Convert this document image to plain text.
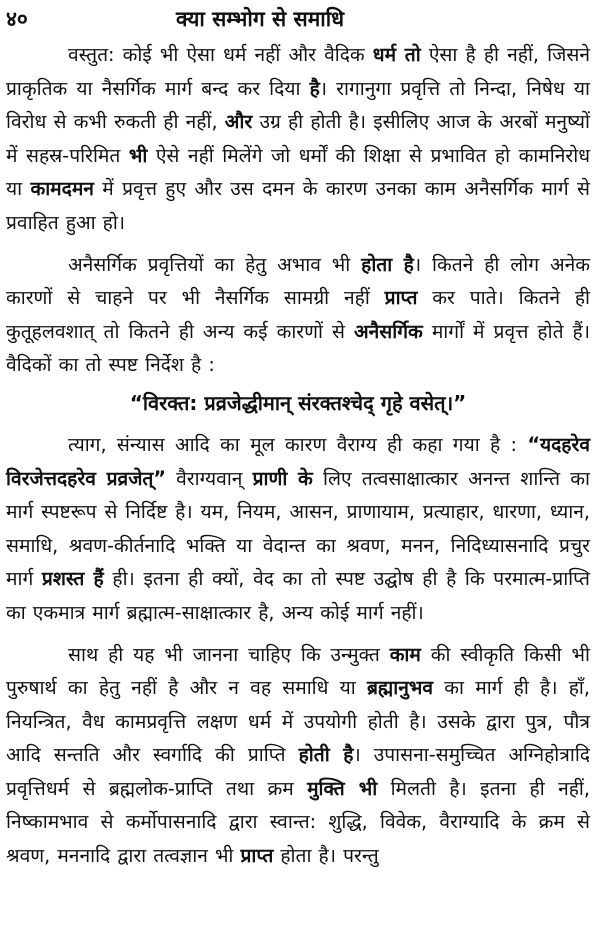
४०	क्या सम्भोग से समाधि

वस्तुत: कोई भी ऐसा धर्म नहीं और वैदिक धर्म तो ऐसा है ही नहीं, जिसने प्राकृतिक या नैसर्गिक मार्ग बन्द कर दिया है। रागानुगा प्रवृत्ति तो निन्दा, निषेध या विरोध से कभी रुकती ही नहीं, और उग्र ही होती है। इसीलिए आज के अरबों मनुष्यों में सहस्र-परिमित भी ऐसे नहीं मिलेंगे जो धर्मों की शिक्षा से प्रभावित हो कामनिरोध या कामदमन में प्रवृत्त हुए और उस दमन के कारण उनका काम अनैसर्गिक मार्ग से प्रवाहित हुआ हो।

अनैसर्गिक प्रवृत्तियों का हेतु अभाव भी होता है। कितने ही लोग अनेक कारणों से चाहने पर भी नैसर्गिक सामग्री नहीं प्राप्त कर पाते। कितने ही कुतूहलवशात् तो कितने ही अन्य कई कारणों से अनैसर्गिक मार्गों में प्रवृत्त होते हैं। वैदिकों का तो स्पष्ट निर्देश है :

“विरक्त: प्रव्रजेद्धीमान् संरक्तश्चेद् गृहे वसेत्।”

त्याग, संन्यास आदि का मूल कारण वैराग्य ही कहा गया है : “यदहरेव विरजेत्तदहरेव प्रव्रजेत्” वैराग्यवान् प्राणी के लिए तत्वसाक्षात्कार अनन्त शान्ति का मार्ग स्पष्टरूप से निर्दिष्ट है। यम, नियम, आसन, प्राणायाम, प्रत्याहार, धारणा, ध्यान, समाधि, श्रवण-कीर्तनादि भक्ति या वेदान्त का श्रवण, मनन, निदिध्यासनादि प्रचुर मार्ग प्रशस्त हैं ही। इतना ही क्यों, वेद का तो स्पष्ट उद्घोष ही है कि परमात्म-प्राप्ति का एकमात्र मार्ग ब्रह्मात्म-साक्षात्कार है, अन्य कोई मार्ग नहीं।

साथ ही यह भी जानना चाहिए कि उन्मुक्त काम की स्वीकृति किसी भी पुरुषार्थ का हेतु नहीं है और न वह समाधि या ब्रह्मानुभव का मार्ग ही है। हाँ, नियन्त्रित, वैध कामप्रवृत्ति लक्षण धर्म में उपयोगी होती है। उसके द्वारा पुत्र, पौत्र आदि सन्तति और स्वर्गादि की प्राप्ति होती है। उपासना-समुच्चित अग्निहोत्रादि प्रवृत्तिधर्म से ब्रह्मलोक-प्राप्ति तथा क्रम मुक्ति भी मिलती है। इतना ही नहीं, निष्कामभाव से कर्मोपासनादि द्वारा स्वान्त: शुद्धि, विवेक, वैराग्यादि के क्रम से श्रवण, मननादि द्वारा तत्वज्ञान भी प्राप्त होता है। परन्तु
